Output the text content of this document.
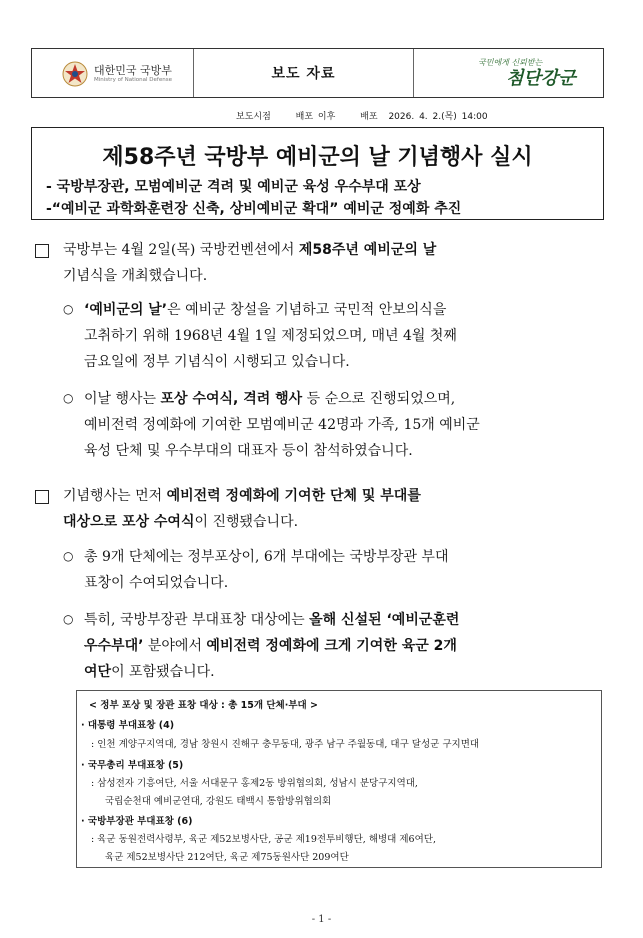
대한민국 국방부
Ministry of National Defense	보도 자료
국민에게 신뢰받는
첨단강군
보도시점	배포 이후	배포 2026. 4. 2.(목) 14:00
제58주년 국방부 예비군의 날 기념행사 실시
- 국방부장관, 모범예비군 격려 및 예비군 육성 우수부대 포상
-“예비군 과학화훈련장 신축, 상비예비군 확대” 예비군 정예화 추진
국방부는 4월 2일(목) 국방컨벤션에서 제58주년 예비군의 날
기념식을 개최했습니다.
○ ‘예비군의 날’은 예비군 창설을 기념하고 국민적 안보의식을
고취하기 위해 1968년 4월 1일 제정되었으며, 매년 4월 첫째
금요일에 정부 기념식이 시행되고 있습니다.
○ 이날 행사는 포상 수여식, 격려 행사 등 순으로 진행되었으며,
예비전력 정예화에 기여한 모범예비군 42명과 가족, 15개 예비군
육성 단체 및 우수부대의 대표자 등이 참석하였습니다.
기념행사는 먼저 예비전력 정예화에 기여한 단체 및 부대를
대상으로 포상 수여식이 진행됐습니다.
○ 총 9개 단체에는 정부포상이, 6개 부대에는 국방부장관 부대
표창이 수여되었습니다.
○ 특히, 국방부장관 부대표창 대상에는 올해 신설된 ‘예비군훈련
우수부대’ 분야에서 예비전력 정예화에 크게 기여한 육군 2개
여단이 포함됐습니다.
< 정부 포상 및 장관 표창 대상 : 총 15개 단체·부대 >
· 대통령 부대표창 (4)
: 인천 계양구지역대, 경남 창원시 진해구 충무동대, 광주 남구 주월동대, 대구 달성군 구지면대
· 국무총리 부대표창 (5)
: 삼성전자 기흥여단, 서울 서대문구 홍제2동 방위협의회, 성남시 분당구지역대,
국립순천대 예비군연대, 강원도 태백시 통합방위협의회
· 국방부장관 부대표창 (6)
: 육군 동원전력사령부, 육군 제52보병사단, 공군 제19전투비행단, 해병대 제6여단,
육군 제52보병사단 212여단, 육군 제75동원사단 209여단
- 1 -
